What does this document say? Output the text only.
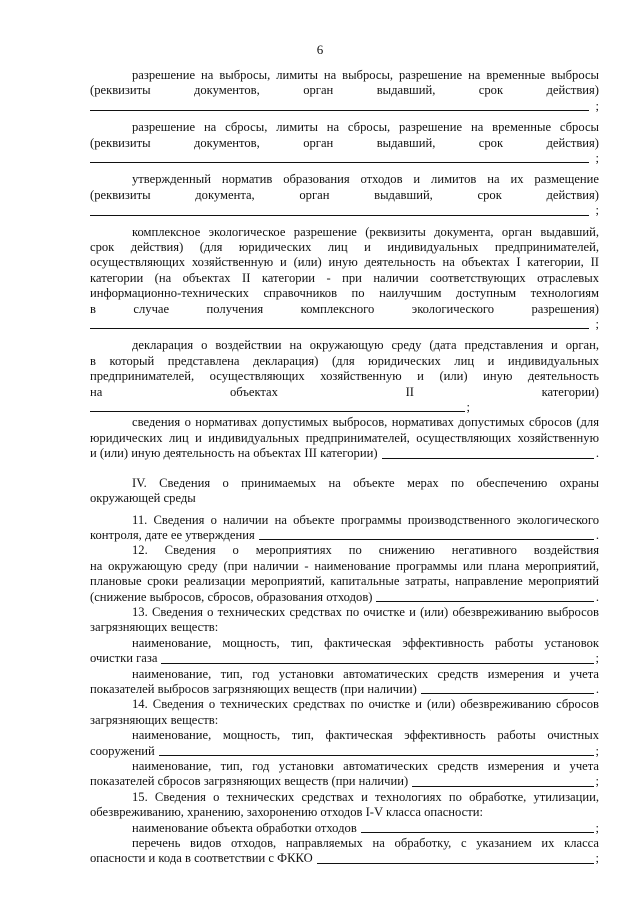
6
разрешение на выбросы, лимиты на выбросы, разрешение на временные выбросы
(реквизиты документов, орган выдавший, срок действия)
;
разрешение на сбросы, лимиты на сбросы, разрешение на временные сбросы
(реквизиты документов, орган выдавший, срок действия)
;
утвержденный норматив образования отходов и лимитов на их размещение
(реквизиты документа, орган выдавший, срок действия)
;
комплексное экологическое разрешение (реквизиты документа, орган выдавший,
срок действия) (для юридических лиц и индивидуальных предпринимателей,
осуществляющих хозяйственную и (или) иную деятельность на объектах I категории, II
категории (на объектах II категории - при наличии соответствующих отраслевых
информационно-технических справочников по наилучшим доступным технологиям
в случае получения комплексного экологического разрешения)
;
декларация о воздействии на окружающую среду (дата представления и орган,
в который представлена декларация) (для юридических лиц и индивидуальных
предпринимателей, осуществляющих хозяйственную и (или) иную деятельность
на объектах II категории)
;
сведения о нормативах допустимых выбросов, нормативах допустимых сбросов (для
юридических лиц и индивидуальных предпринимателей, осуществляющих хозяйственную
и (или) иную деятельность на объектах III категории)	.
IV. Сведения о принимаемых на объекте мерах по обеспечению охраны
окружающей среды
11. Сведения о наличии на объекте программы производственного экологического
контроля, дате ее утверждения	.
12. Сведения о мероприятиях по снижению негативного воздействия
на окружающую среду (при наличии - наименование программы или плана мероприятий,
плановые сроки реализации мероприятий, капитальные затраты, направление мероприятий
(снижение выбросов, сбросов, образования отходов)	.
13. Сведения о технических средствах по очистке и (или) обезвреживанию выбросов
загрязняющих веществ:
наименование, мощность, тип, фактическая эффективность работы установок
очистки газа	;
наименование, тип, год установки автоматических средств измерения и учета
показателей выбросов загрязняющих веществ (при наличии)	.
14. Сведения о технических средствах по очистке и (или) обезвреживанию сбросов
загрязняющих веществ:
наименование, мощность, тип, фактическая эффективность работы очистных
сооружений	;
наименование, тип, год установки автоматических средств измерения и учета
показателей сбросов загрязняющих веществ (при наличии)	;
15. Сведения о технических средствах и технологиях по обработке, утилизации,
обезвреживанию, хранению, захоронению отходов I-V класса опасности:
наименование объекта обработки отходов	;
перечень видов отходов, направляемых на обработку, с указанием их класса
опасности и кода в соответствии с ФККО	;
